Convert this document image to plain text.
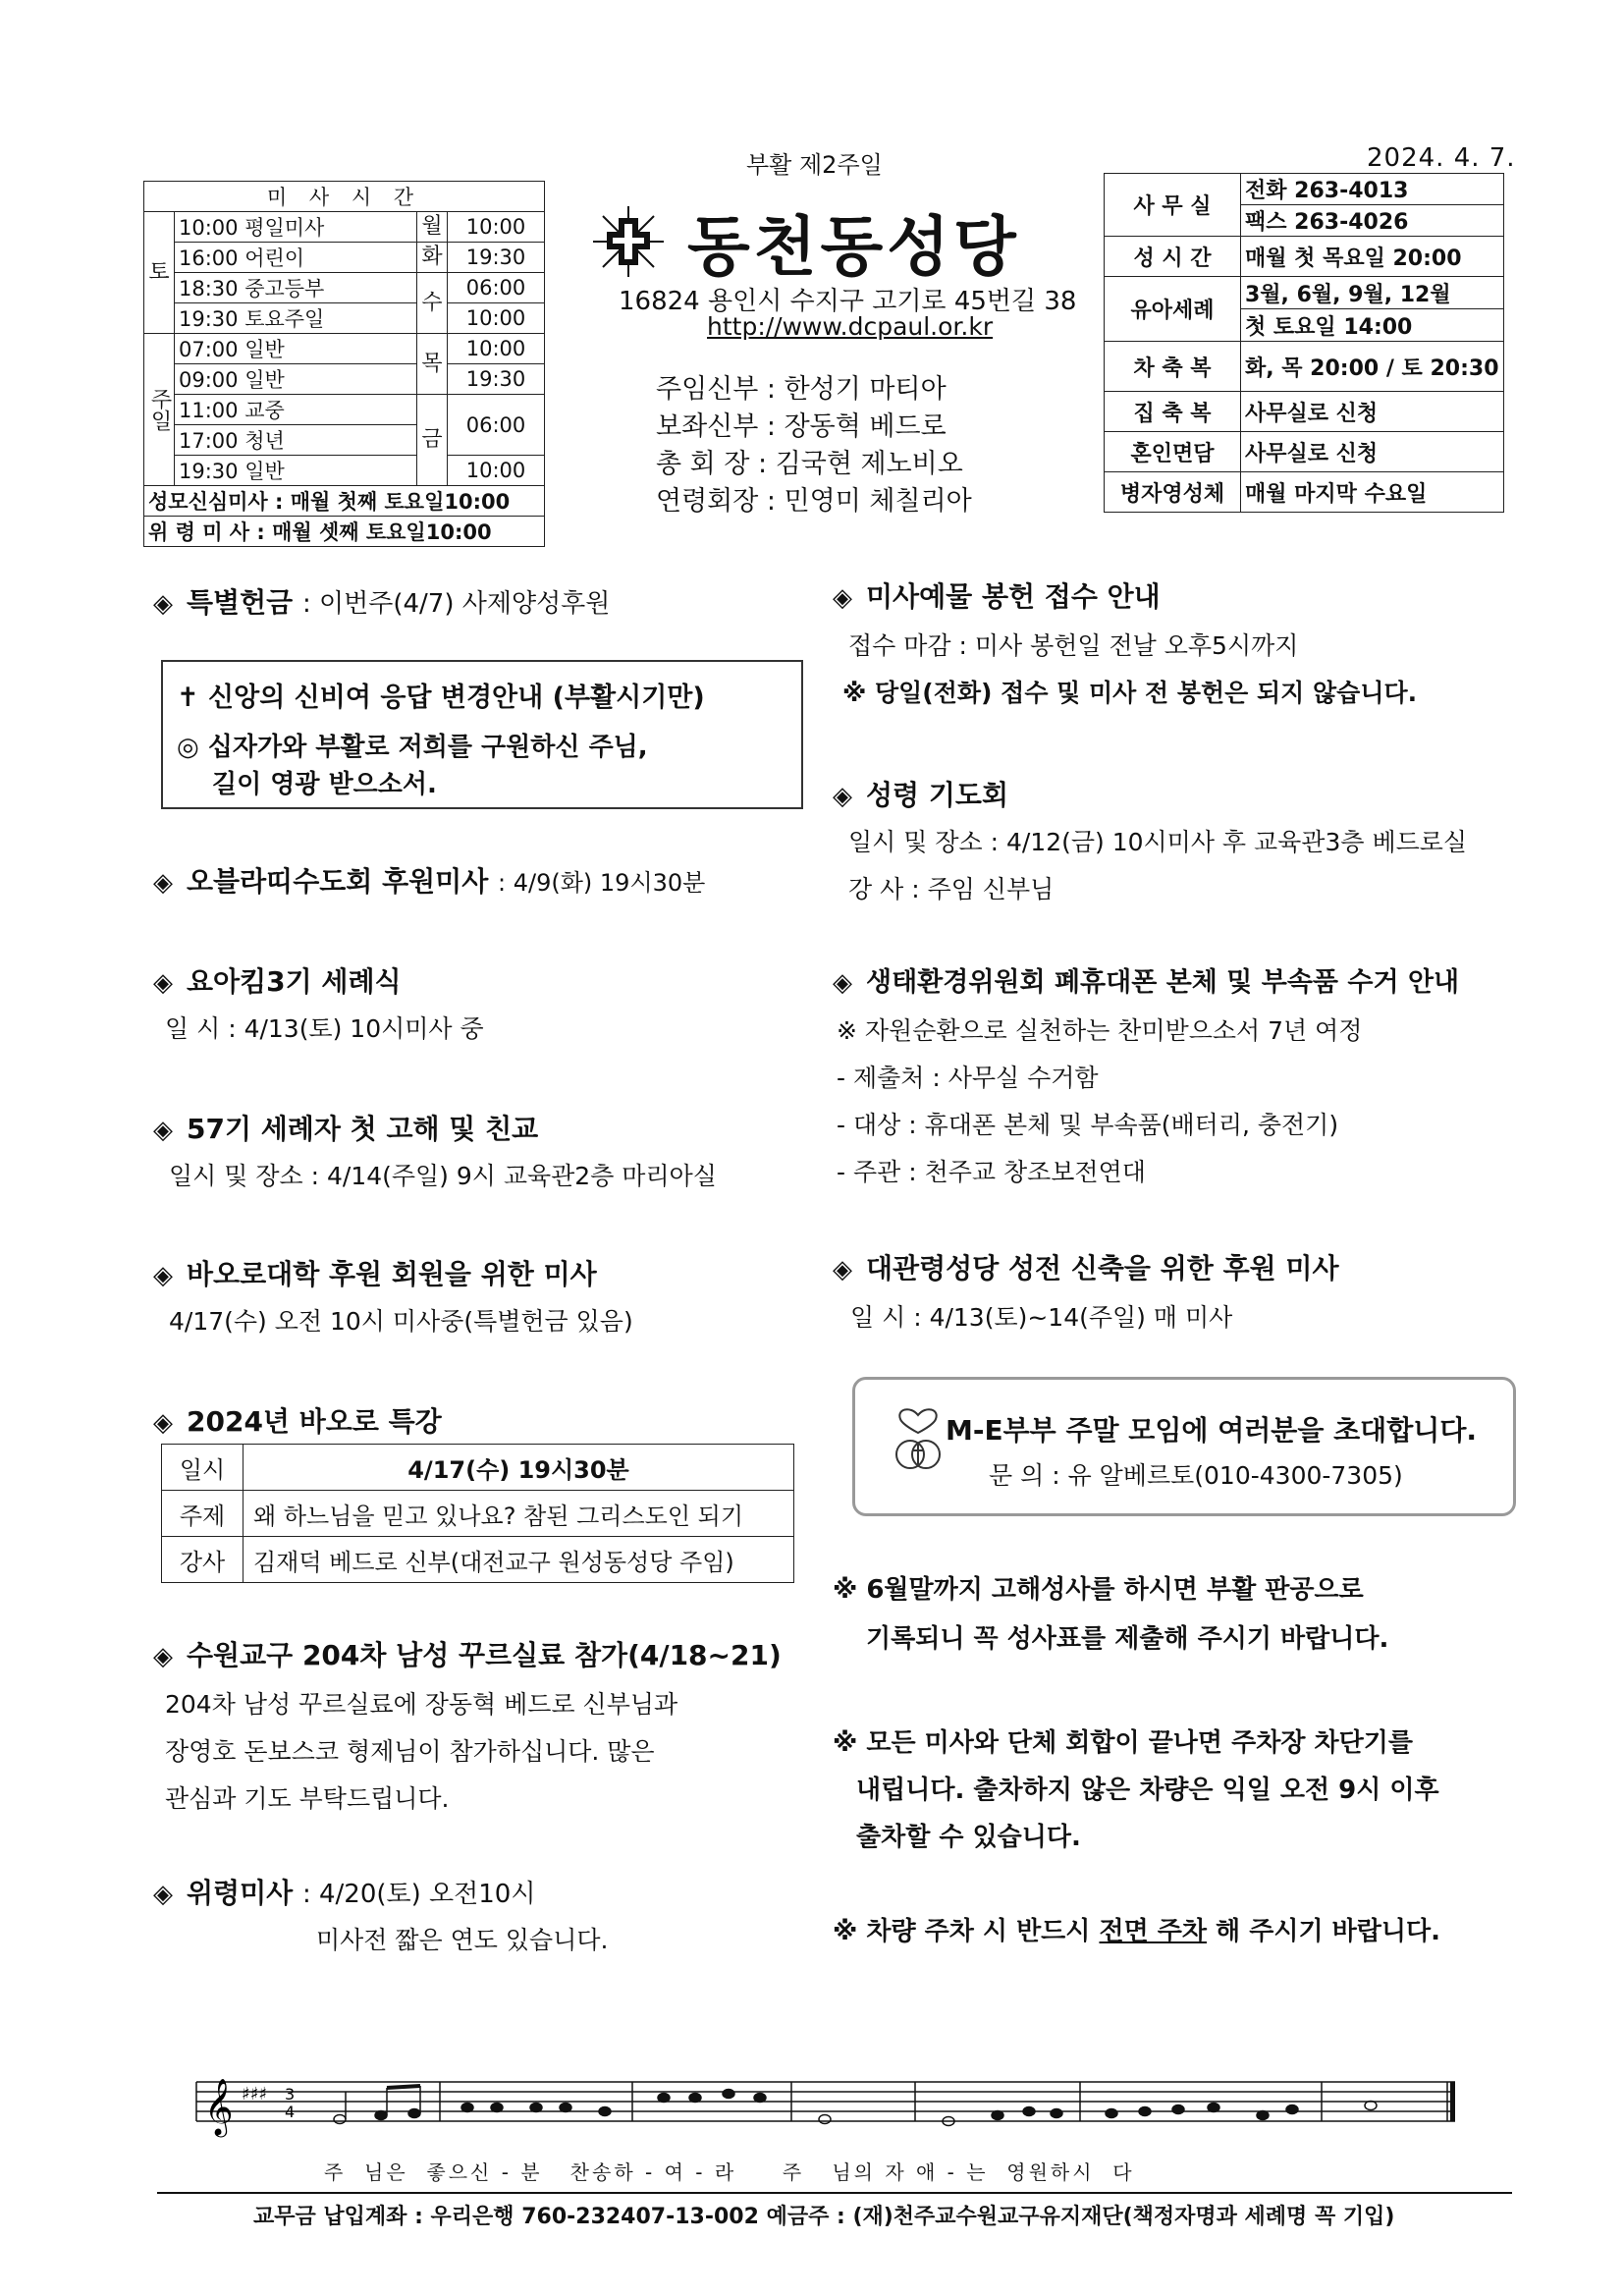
부활 제2주일	2024. 4. 7.
미 사 시 간			
토	10:00 평일미사	월	10:00
	16:00 어린이	화	19:30
	18:30 중고등부	수	06:00
	19:30 토요주일		10:00
주일	07:00 일반	목	10:00
	09:00 일반		19:30
	11:00 교중	금	06:00
	17:00 청년		
	19:30 일반		10:00
성모신심미사 : 매월 첫째 토요일10:00			
위 령 미 사 : 매월 셋째 토요일10:00			
동천동성당
16824 용인시 수지구 고기로 45번길 38
http://www.dcpaul.or.kr
주임신부 : 한성기 마티아
보좌신부 : 장동혁 베드로
총 회 장 : 김국현 제노비오
연령회장 : 민영미 체칠리아
사 무 실	전화 263-4013
	팩스 263-4026
성 시 간	매월 첫 목요일 20:00
유아세례	3월, 6월, 9월, 12월
	첫 토요일 14:00
차 축 복	화, 목 20:00 / 토 20:30
집 축 복	사무실로 신청
혼인면담	사무실로 신청
병자영성체	매월 마지막 수요일
◈ 특별헌금 : 이번주(4/7) 사제양성후원
✝ 신앙의 신비여 응답 변경안내 (부활시기만)
◎ 십자가와 부활로 저희를 구원하신 주님,
길이 영광 받으소서.
◈ 오블라띠수도회 후원미사 : 4/9(화) 19시30분
◈ 요아킴3기 세례식
일 시 : 4/13(토) 10시미사 중
◈ 57기 세례자 첫 고해 및 친교
일시 및 장소 : 4/14(주일) 9시 교육관2층 마리아실
◈ 바오로대학 후원 회원을 위한 미사
4/17(수) 오전 10시 미사중(특별헌금 있음)
◈ 2024년 바오로 특강
일시	4/17(수) 19시30분
주제	왜 하느님을 믿고 있나요? 참된 그리스도인 되기
강사	김재덕 베드로 신부(대전교구 원성동성당 주임)
◈ 수원교구 204차 남성 꾸르실료 참가(4/18~21)
204차 남성 꾸르실료에 장동혁 베드로 신부님과
장영호 돈보스코 형제님이 참가하십니다. 많은
관심과 기도 부탁드립니다.
◈ 위령미사 : 4/20(토) 오전10시
미사전 짧은 연도 있습니다.
◈ 미사예물 봉헌 접수 안내
접수 마감 : 미사 봉헌일 전날 오후5시까지
※ 당일(전화) 접수 및 미사 전 봉헌은 되지 않습니다.
◈ 성령 기도회
일시 및 장소 : 4/12(금) 10시미사 후 교육관3층 베드로실
강 사 : 주임 신부님
◈ 생태환경위원회 폐휴대폰 본체 및 부속품 수거 안내
※ 자원순환으로 실천하는 찬미받으소서 7년 여정
- 제출처 : 사무실 수거함
- 대상 : 휴대폰 본체 및 부속품(배터리, 충전기)
- 주관 : 천주교 창조보전연대
◈ 대관령성당 성전 신축을 위한 후원 미사
일 시 : 4/13(토)~14(주일) 매 미사
M-E부부 주말 모임에 여러분을 초대합니다.
문 의 : 유 알베르토(010-4300-7305)
※ 6월말까지 고해성사를 하시면 부활 판공으로
기록되니 꼭 성사표를 제출해 주시기 바랍니다.
※ 모든 미사와 단체 회합이 끝나면 주차장 차단기를
내립니다. 출차하지 않은 차량은 익일 오전 9시 이후
출차할 수 있습니다.
※ 차량 주차 시 반드시 전면 주차 해 주시기 바랍니다.
𝄞 ♯♯♯ 3
4
주  님은  좋으신 - 분   찬송하 - 여 - 라     주   님의 자 애 - 는  영원하시  다
교무금 납입계좌 : 우리은행 760-232407-13-002 예금주 : (재)천주교수원교구유지재단(책정자명과 세례명 꼭 기입)
